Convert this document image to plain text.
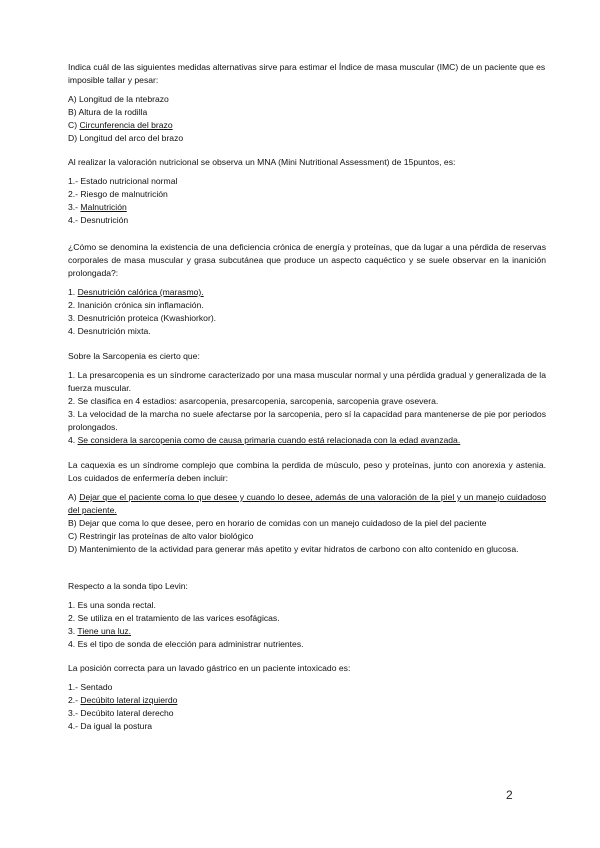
Indica cuál de las siguientes medidas alternativas sirve para estimar el Índice de masa muscular (IMC) de un paciente que es imposible tallar y pesar:

A) Longitud de la ntebrazo

B) Altura de la rodilla

C) Circunferencia del brazo

D) Longitud del arco del brazo

Al realizar la valoración nutricional se observa un MNA (Mini Nutritional Assessment) de 15puntos, es:

1.- Estado nutricional normal

2.- Riesgo de malnutrición

3.- Malnutrición

4.- Desnutrición

¿Cómo se denomina la existencia de una deficiencia crónica de energía y proteínas, que da lugar a una pérdida de reservas corporales de masa muscular y grasa subcutánea que produce un aspecto caquéctico y se suele observar en la inanición prolongada?:

1. Desnutrición calórica (marasmo).

2. Inanición crónica sin inflamación.

3. Desnutrición proteica (Kwashiorkor).

4. Desnutrición mixta.

Sobre la Sarcopenia es cierto que:

1. La presarcopenia es un síndrome caracterizado por una masa muscular normal y una pérdida gradual y generalizada de la fuerza muscular.

2. Se clasifica en 4 estadios: asarcopenia, presarcopenia, sarcopenia, sarcopenia grave osevera.

3. La velocidad de la marcha no suele afectarse por la sarcopenia, pero sí la capacidad para mantenerse de pie por periodos prolongados.

4. Se considera la sarcopenia como de causa primaria cuando está relacionada con la edad avanzada.

La caquexia es un síndrome complejo que combina la perdida de músculo, peso y proteínas, junto con anorexia y astenia. Los cuidados de enfermería deben incluir:

A) Dejar que el paciente coma lo que desee y cuando lo desee, además de una valoración de la piel y un manejo cuidadoso del paciente.

B) Dejar que coma lo que desee, pero en horario de comidas con un manejo cuidadoso de la piel del paciente

C) Restringir las proteínas de alto valor biológico

D) Mantenimiento de la actividad para generar más apetito y evitar hidratos de carbono con alto contenido en glucosa.

Respecto a la sonda tipo Levin:

1. Es una sonda rectal.

2. Se utiliza en el tratamiento de las varices esofágicas.

3. Tiene una luz.

4. Es el tipo de sonda de elección para administrar nutrientes.

La posición correcta para un lavado gástrico en un paciente intoxicado es:

1.- Sentado

2.- Decúbito lateral izquierdo

3.- Decúbito lateral derecho

4.- Da igual la postura

2
